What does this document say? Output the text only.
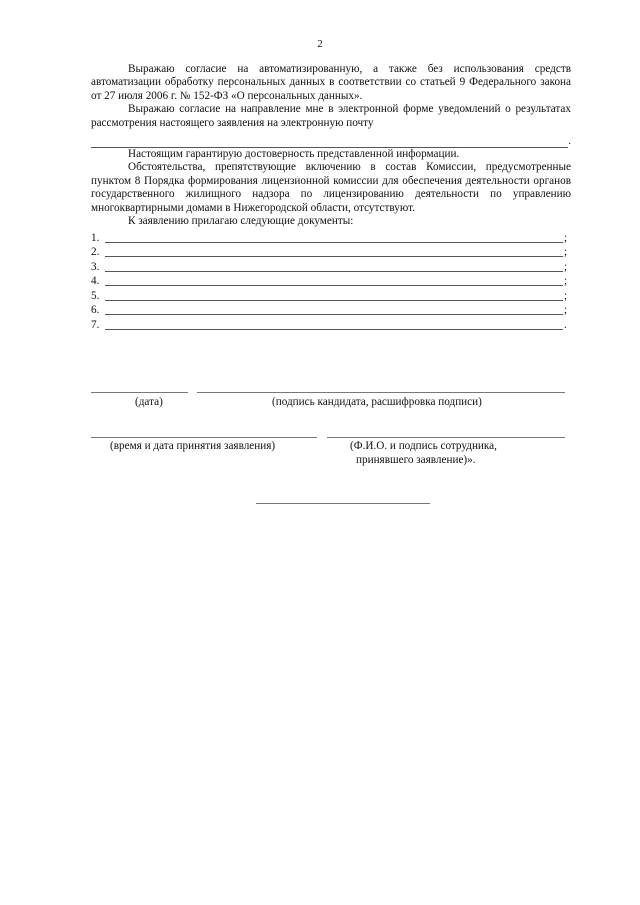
2

Выражаю согласие на автоматизированную, а также без использования средств автоматизации обработку персональных данных в соответствии со статьей 9 Федерального закона от 27 июля 2006 г. № 152-ФЗ «О персональных данных».

Выражаю согласие на направление мне в электронной форме уведомлений о результатах рассмотрения настоящего заявления на электронную почту

.

Настоящим гарантирую достоверность представленной информации.

Обстоятельства, препятствующие включению в состав Комиссии, предусмотренные пунктом 8 Порядка формирования лицензионной комиссии для обеспечения деятельности органов государственного жилищного надзора по лицензированию деятельности по управлению многоквартирными домами в Нижегородской области, отсутствуют.

К заявлению прилагаю следующие документы:

1.	;
2.	;
3.	;
4.	;
5.	;
6.	;
7.	.
(дата)	(подпись кандидата, расшифровка подписи)
(время и дата принятия заявления)	(Ф.И.О. и подпись сотрудника,
принявшего заявление)».
